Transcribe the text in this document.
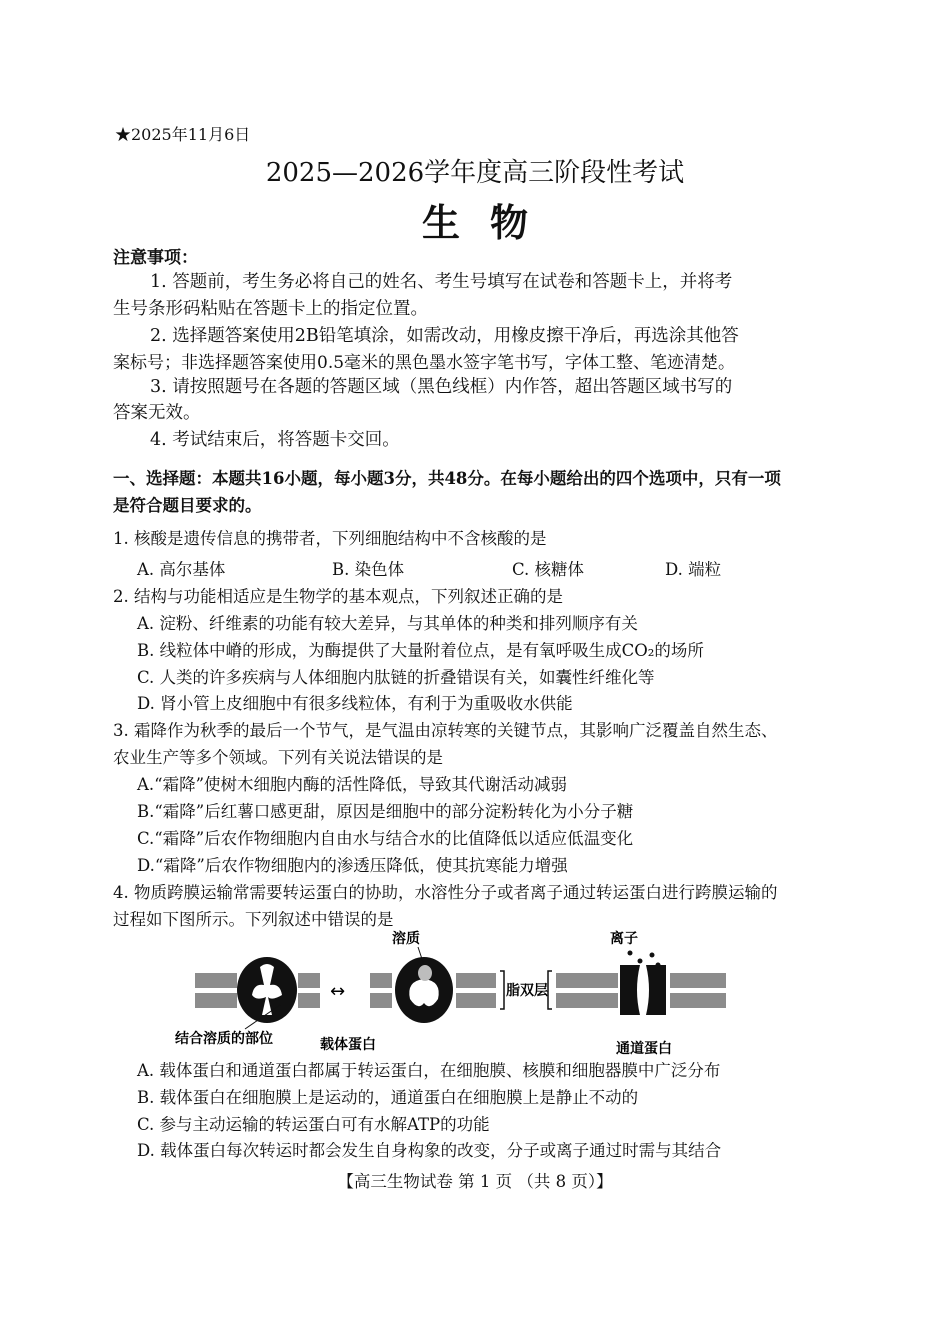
★2025年11月6日
2025—2026学年度高三阶段性考试
生物
注意事项：
1. 答题前，考生务必将自己的姓名、考生号填写在试卷和答题卡上，并将考
生号条形码粘贴在答题卡上的指定位置。
2. 选择题答案使用2B铅笔填涂，如需改动，用橡皮擦干净后，再选涂其他答
案标号；非选择题答案使用0.5毫米的黑色墨水签字笔书写，字体工整、笔迹清楚。
3. 请按照题号在各题的答题区域（黑色线框）内作答，超出答题区域书写的
答案无效。
4. 考试结束后，将答题卡交回。
一、选择题：本题共16小题，每小题3分，共48分。在每小题给出的四个选项中，只有一项
是符合题目要求的。
1. 核酸是遗传信息的携带者，下列细胞结构中不含核酸的是
A. 高尔基体	B. 染色体	C. 核糖体	D. 端粒
2. 结构与功能相适应是生物学的基本观点，下列叙述正确的是
A. 淀粉、纤维素的功能有较大差异，与其单体的种类和排列顺序有关
B. 线粒体中嵴的形成，为酶提供了大量附着位点，是有氧呼吸生成CO₂的场所
C. 人类的许多疾病与人体细胞内肽链的折叠错误有关，如囊性纤维化等
D. 肾小管上皮细胞中有很多线粒体，有利于为重吸收水供能
3. 霜降作为秋季的最后一个节气，是气温由凉转寒的关键节点，其影响广泛覆盖自然生态、
农业生产等多个领域。下列有关说法错误的是
A.“霜降”使树木细胞内酶的活性降低，导致其代谢活动减弱
B.“霜降”后红薯口感更甜，原因是细胞中的部分淀粉转化为小分子糖
C.“霜降”后农作物细胞内自由水与结合水的比值降低以适应低温变化
D.“霜降”后农作物细胞内的渗透压降低，使其抗寒能力增强
4. 物质跨膜运输常需要转运蛋白的协助，水溶性分子或者离子通过转运蛋白进行跨膜运输的
过程如下图所示。下列叙述中错误的是
↔	脂双层
溶质	离子
结合溶质的部位	载体蛋白	通道蛋白
A. 载体蛋白和通道蛋白都属于转运蛋白，在细胞膜、核膜和细胞器膜中广泛分布
B. 载体蛋白在细胞膜上是运动的，通道蛋白在细胞膜上是静止不动的
C. 参与主动运输的转运蛋白可有水解ATP的功能
D. 载体蛋白每次转运时都会发生自身构象的改变，分子或离子通过时需与其结合
【高三生物试卷 第 1 页 （共 8 页）】
